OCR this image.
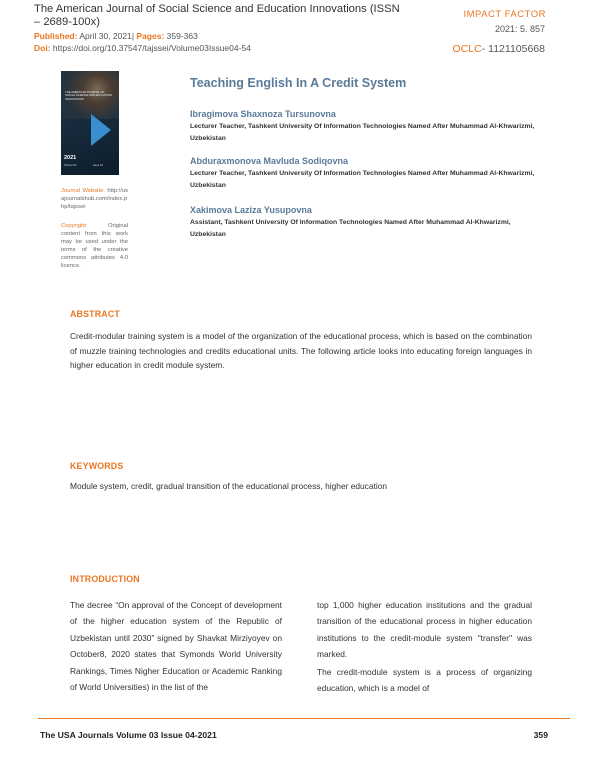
The American Journal of Social Science and Education Innovations (ISSN – 2689-100x)
Published: April 30, 2021| Pages: 359-363
Doi: https://doi.org/10.37547/tajssei/Volume03Issue04-54
IMPACT FACTOR
2021: 5. 857
OCLC- 1121105668
THE AMERICAN JOURNAL OF SOCIAL SCIENCE AND EDUCATION INNOVATIONS
2021
Volume 03	Issue 04
Journal Website: http://usajournalshub.com/index.php/tajssei
Copyright:	Original content from this work may be used under the terms of the creative commons attributes 4.0 licence.
Teaching English In A Credit System
Ibragimova Shaxnoza Tursunovna
Lecturer Teacher, Tashkent University Of Information Technologies Named After Muhammad Al-Khwarizmi, Uzbekistan
Abduraxmonova Mavluda Sodiqovna
Lecturer Teacher, Tashkent University Of Information Technologies Named After Muhammad Al-Khwarizmi, Uzbekistan
Xakimova Laziza Yusupovna
Assistant, Tashkent University Of Information Technologies Named After Muhammad Al-Khwarizmi, Uzbekistan
ABSTRACT
Credit-modular training system is a model of the organization of the educational process, which is based on the combination of muzzle training technologies and credits educational units. The following article looks into educating foreign languages in higher education in credit module system.
KEYWORDS
Module system, credit, gradual transition of the educational process, higher education
INTRODUCTION
The decree “On approval of the Concept of development of the higher education system of the Republic of Uzbekistan until 2030” signed by Shavkat Mirziyoyev on October8, 2020 states that Symonds World University Rankings, Times Nigher Education or Academic Ranking of World Universities) in the list of the
top 1,000 higher education institutions and the gradual transition of the educational process in higher education institutions to the credit-module system "transfer" was marked.
The credit-module system is a process of organizing education, which is a model of
The USA Journals Volume 03 Issue 04-2021	359
